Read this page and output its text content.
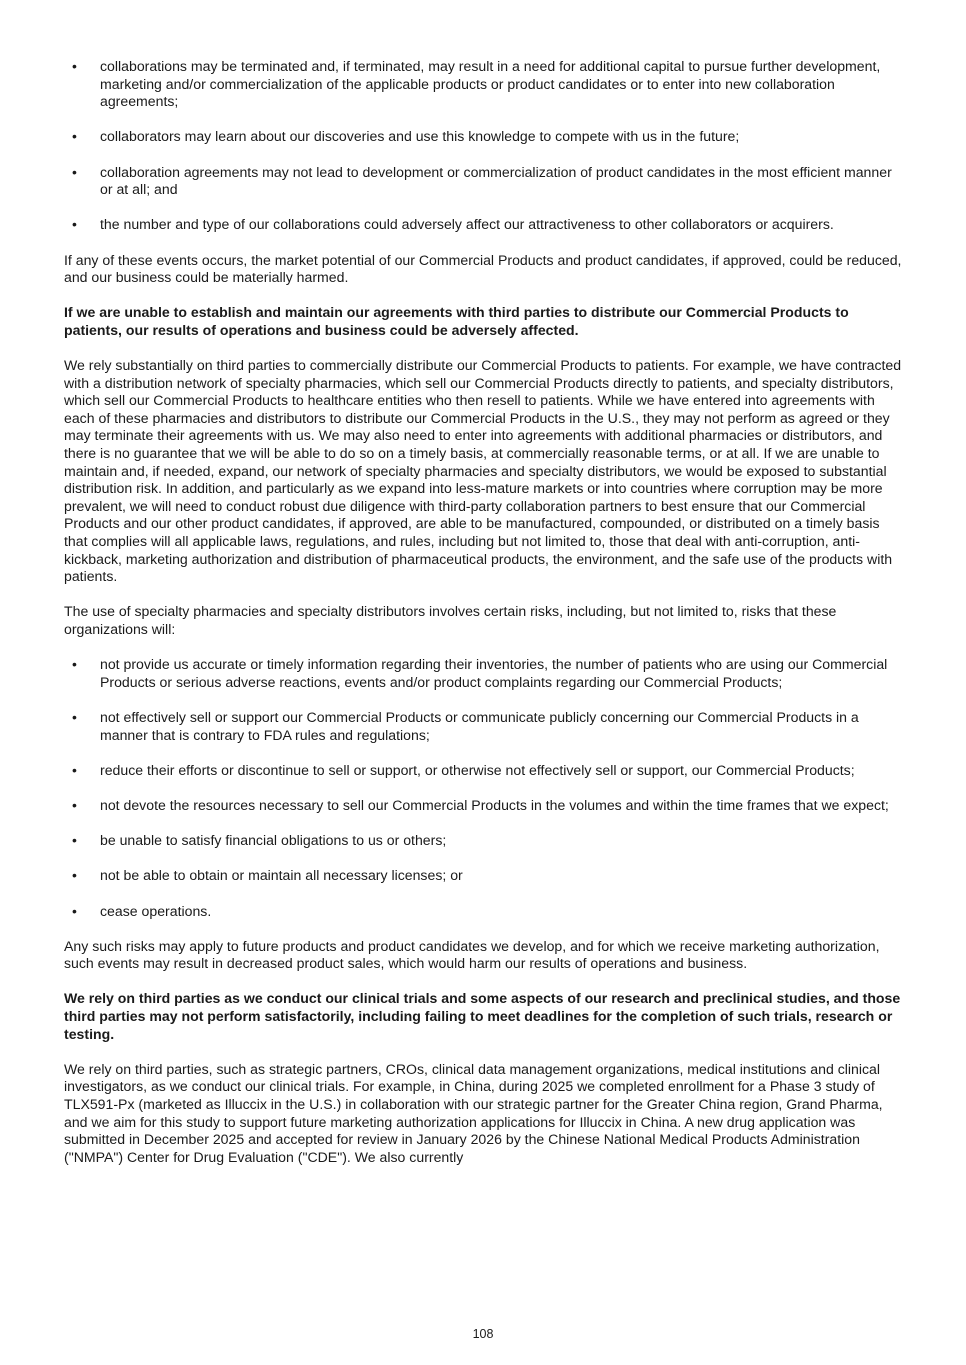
• collaborations may be terminated and, if terminated, may result in a need for additional capital to pursue further development, marketing and/or commercialization of the applicable products or product candidates or to enter into new collaboration agreements;
• collaborators may learn about our discoveries and use this knowledge to compete with us in the future;
• collaboration agreements may not lead to development or commercialization of product candidates in the most efficient manner or at all; and
• the number and type of our collaborations could adversely affect our attractiveness to other collaborators or acquirers.

If any of these events occurs, the market potential of our Commercial Products and product candidates, if approved, could be reduced, and our business could be materially harmed.

If we are unable to establish and maintain our agreements with third parties to distribute our Commercial Products to patients, our results of operations and business could be adversely affected.

We rely substantially on third parties to commercially distribute our Commercial Products to patients. For example, we have contracted with a distribution network of specialty pharmacies, which sell our Commercial Products directly to patients, and specialty distributors, which sell our Commercial Products to healthcare entities who then resell to patients. While we have entered into agreements with each of these pharmacies and distributors to distribute our Commercial Products in the U.S., they may not perform as agreed or they may terminate their agreements with us. We may also need to enter into agreements with additional pharmacies or distributors, and there is no guarantee that we will be able to do so on a timely basis, at commercially reasonable terms, or at all. If we are unable to maintain and, if needed, expand, our network of specialty pharmacies and specialty distributors, we would be exposed to substantial distribution risk. In addition, and particularly as we expand into less-mature markets or into countries where corruption may be more prevalent, we will need to conduct robust due diligence with third-party collaboration partners to best ensure that our Commercial Products and our other product candidates, if approved, are able to be manufactured, compounded, or distributed on a timely basis that complies will all applicable laws, regulations, and rules, including but not limited to, those that deal with anti-corruption, anti-kickback, marketing authorization and distribution of pharmaceutical products, the environment, and the safe use of the products with patients.

The use of specialty pharmacies and specialty distributors involves certain risks, including, but not limited to, risks that these organizations will:

• not provide us accurate or timely information regarding their inventories, the number of patients who are using our Commercial Products or serious adverse reactions, events and/or product complaints regarding our Commercial Products;
• not effectively sell or support our Commercial Products or communicate publicly concerning our Commercial Products in a manner that is contrary to FDA rules and regulations;
• reduce their efforts or discontinue to sell or support, or otherwise not effectively sell or support, our Commercial Products;
• not devote the resources necessary to sell our Commercial Products in the volumes and within the time frames that we expect;
• be unable to satisfy financial obligations to us or others;
• not be able to obtain or maintain all necessary licenses; or
• cease operations.

Any such risks may apply to future products and product candidates we develop, and for which we receive marketing authorization, such events may result in decreased product sales, which would harm our results of operations and business.

We rely on third parties as we conduct our clinical trials and some aspects of our research and preclinical studies, and those third parties may not perform satisfactorily, including failing to meet deadlines for the completion of such trials, research or testing.

We rely on third parties, such as strategic partners, CROs, clinical data management organizations, medical institutions and clinical investigators, as we conduct our clinical trials. For example, in China, during 2025 we completed enrollment for a Phase 3 study of TLX591-Px (marketed as Illuccix in the U.S.) in collaboration with our strategic partner for the Greater China region, Grand Pharma, and we aim for this study to support future marketing authorization applications for Illuccix in China. A new drug application was submitted in December 2025 and accepted for review in January 2026 by the Chinese National Medical Products Administration ("NMPA") Center for Drug Evaluation ("CDE"). We also currently

108
